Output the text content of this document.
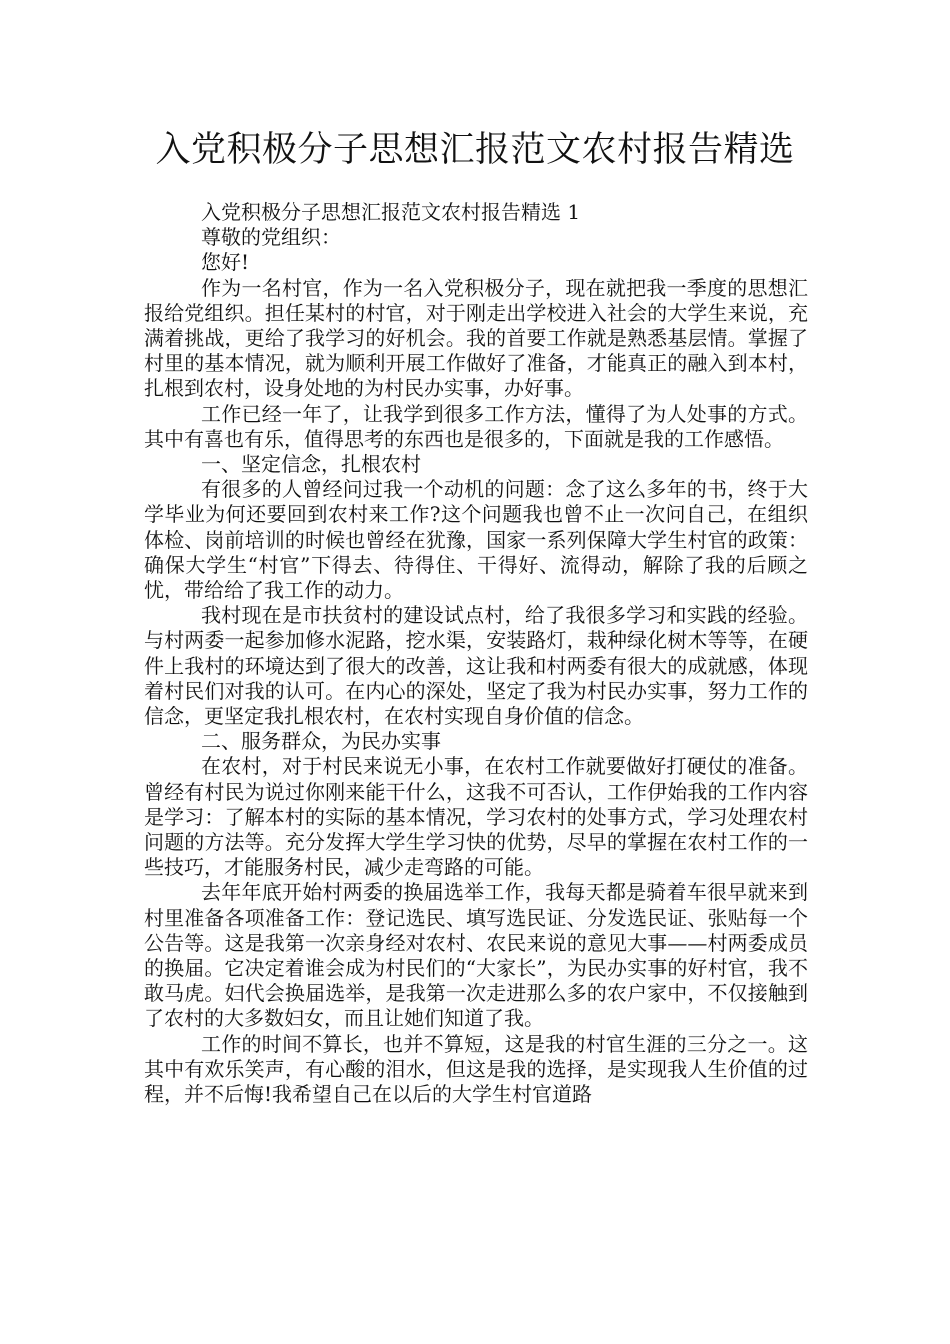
入党积极分子思想汇报范文农村报告精选
入党积极分子思想汇报范文农村报告精选 1
尊敬的党组织：
您好!

作为一名村官，作为一名入党积极分子，现在就把我一季度的思想汇报给党组织。担任某村的村官，对于刚走出学校进入社会的大学生来说，充满着挑战，更给了我学习的好机会。我的首要工作就是熟悉基层情。掌握了村里的基本情况，就为顺利开展工作做好了准备，才能真正的融入到本村，扎根到农村，设身处地的为村民办实事，办好事。

工作已经一年了，让我学到很多工作方法，懂得了为人处事的方式。其中有喜也有乐，值得思考的东西也是很多的，下面就是我的工作感悟。

一、坚定信念，扎根农村

有很多的人曾经问过我一个动机的问题：念了这么多年的书，终于大学毕业为何还要回到农村来工作?这个问题我也曾不止一次问自己，在组织体检、岗前培训的时候也曾经在犹豫，国家一系列保障大学生村官的政策：确保大学生“村官”下得去、待得住、干得好、流得动，解除了我的后顾之忧，带给给了我工作的动力。

我村现在是市扶贫村的建设试点村，给了我很多学习和实践的经验。与村两委一起参加修水泥路，挖水渠，安装路灯，栽种绿化树木等等，在硬件上我村的环境达到了很大的改善，这让我和村两委有很大的成就感，体现着村民们对我的认可。在内心的深处，坚定了我为村民办实事，努力工作的信念，更坚定我扎根农村，在农村实现自身价值的信念。

二、服务群众，为民办实事

在农村，对于村民来说无小事，在农村工作就要做好打硬仗的准备。曾经有村民为说过你刚来能干什么，这我不可否认，工作伊始我的工作内容是学习：了解本村的实际的基本情况，学习农村的处事方式，学习处理农村问题的方法等。充分发挥大学生学习快的优势，尽早的掌握在农村工作的一些技巧，才能服务村民，减少走弯路的可能。

去年年底开始村两委的换届选举工作，我每天都是骑着车很早就来到村里准备各项准备工作：登记选民、填写选民证、分发选民证、张贴每一个公告等。这是我第一次亲身经对农村、农民来说的意见大事——村两委成员的换届。它决定着谁会成为村民们的“大家长”，为民办实事的好村官，我不敢马虎。妇代会换届选举，是我第一次走进那么多的农户家中，不仅接触到了农村的大多数妇女，而且让她们知道了我。

工作的时间不算长，也并不算短，这是我的村官生涯的三分之一。这其中有欢乐笑声，有心酸的泪水，但这是我的选择，是实现我人生价值的过程，并不后悔!我希望自己在以后的大学生村官道路
